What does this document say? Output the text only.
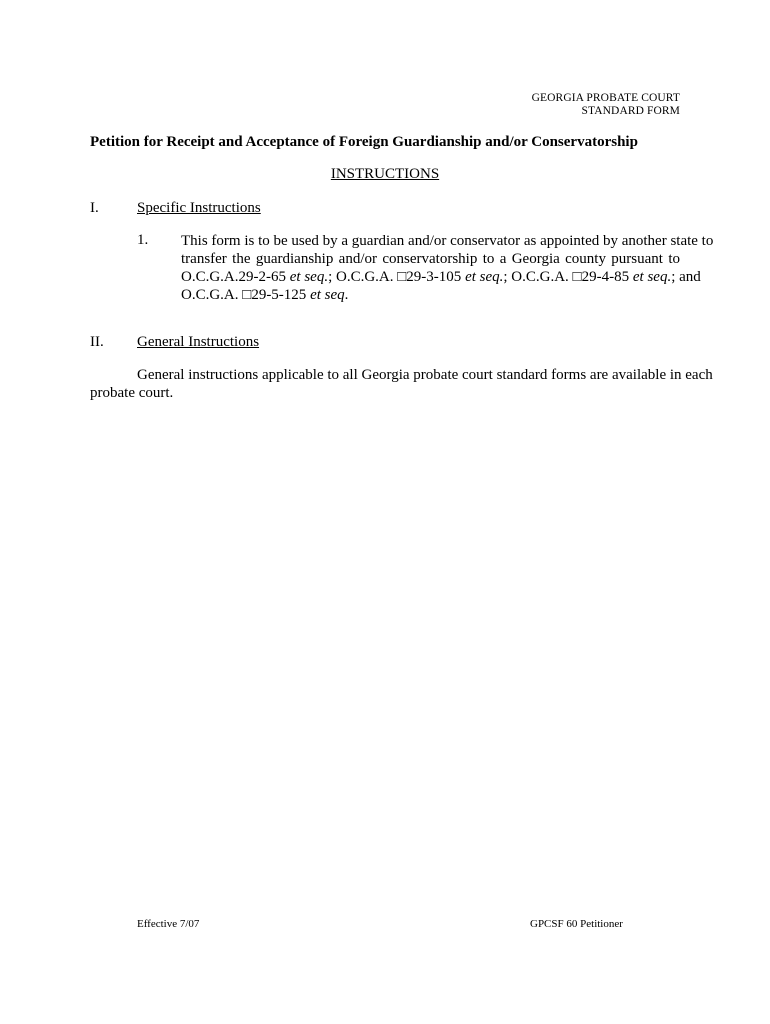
GEORGIA PROBATE COURT
STANDARD FORM
Petition for Receipt and Acceptance of Foreign Guardianship and/or Conservatorship
INSTRUCTIONS
I.	Specific Instructions
1. This form is to be used by a guardian and/or conservator as appointed by another state to
transfer the guardianship and/or conservatorship to a Georgia county pursuant to
O.C.G.A.29-2-65 et seq.; O.C.G.A. □29-3-105 et seq.; O.C.G.A. □29-4-85 et seq.; and
O.C.G.A. □29-5-125 et seq.
II. General Instructions
General instructions applicable to all Georgia probate court standard forms are available in each
probate court.
Effective 7/07	GPCSF 60 Petitioner
